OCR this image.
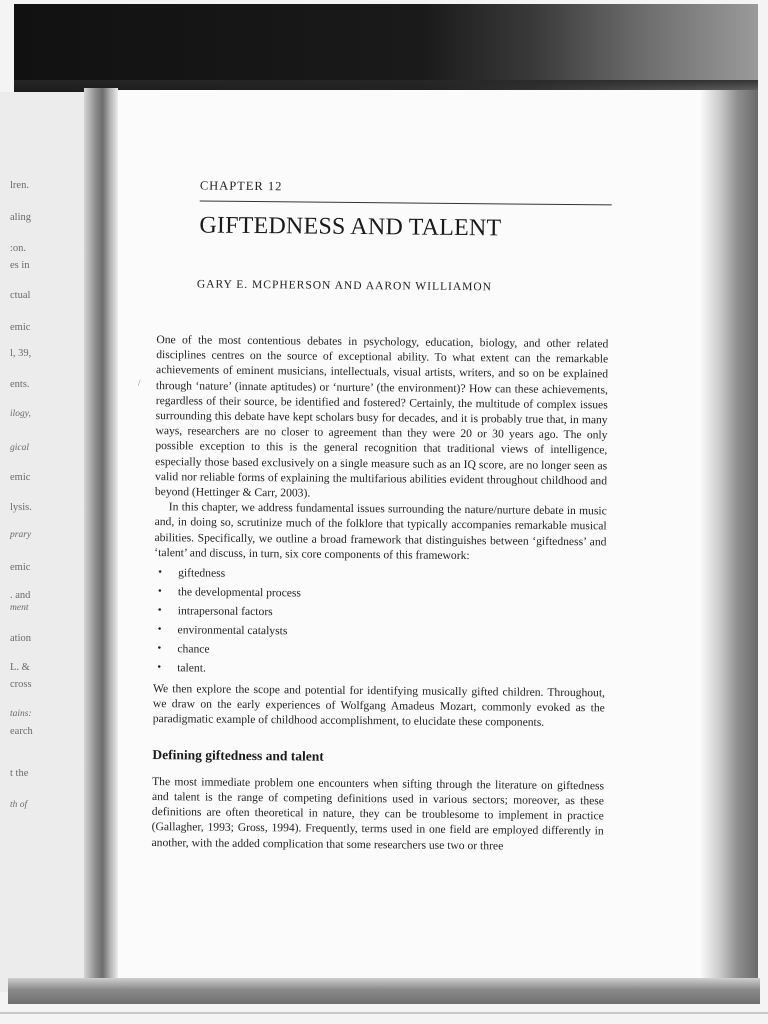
lren.
aling
:on.
es in
ctual
emic
l, 39,
ents.
ilogy,
gical
emic
lysis.
prary
emic
. and
ment
ation
L. &
cross
tains:
earch
t the
th of
/
CHAPTER 12
GIFTEDNESS AND TALENT
GARY E. MCPHERSON AND AARON WILLIAMON

One of the most contentious debates in psychology, education, biology, and other related disciplines centres on the source of exceptional ability. To what extent can the remarkable achievements of eminent musicians, intellectuals, visual artists, writers, and so on be explained through ‘nature’ (innate aptitudes) or ‘nurture’ (the environment)? How can these achievements, regardless of their source, be identified and fostered? Certainly, the multitude of complex issues surrounding this debate have kept scholars busy for decades, and it is probably true that, in many ways, researchers are no closer to agreement than they were 20 or 30 years ago. The only possible exception to this is the general recognition that traditional views of intelligence, especially those based exclusively on a single measure such as an IQ score, are no longer seen as valid nor reliable forms of explaining the multifarious abilities evident throughout childhood and beyond (Hettinger & Carr, 2003).

In this chapter, we address fundamental issues surrounding the nature/nurture debate in music and, in doing so, scrutinize much of the folklore that typically accompanies remarkable musical abilities. Specifically, we outline a broad framework that distinguishes between ‘giftedness’ and ‘talent’ and discuss, in turn, six core components of this framework:

• giftedness
• the developmental process
• intrapersonal factors
• environmental catalysts
• chance
• talent.

We then explore the scope and potential for identifying musically gifted children. Throughout, we draw on the early experiences of Wolfgang Amadeus Mozart, commonly evoked as the paradigmatic example of childhood accomplishment, to elucidate these components.

Defining giftedness and talent

The most immediate problem one encounters when sifting through the literature on giftedness and talent is the range of competing definitions used in various sectors; moreover, as these definitions are often theoretical in nature, they can be troublesome to implement in practice (Gallagher, 1993; Gross, 1994). Frequently, terms used in one field are employed differently in another, with the added complication that some researchers use two or three
